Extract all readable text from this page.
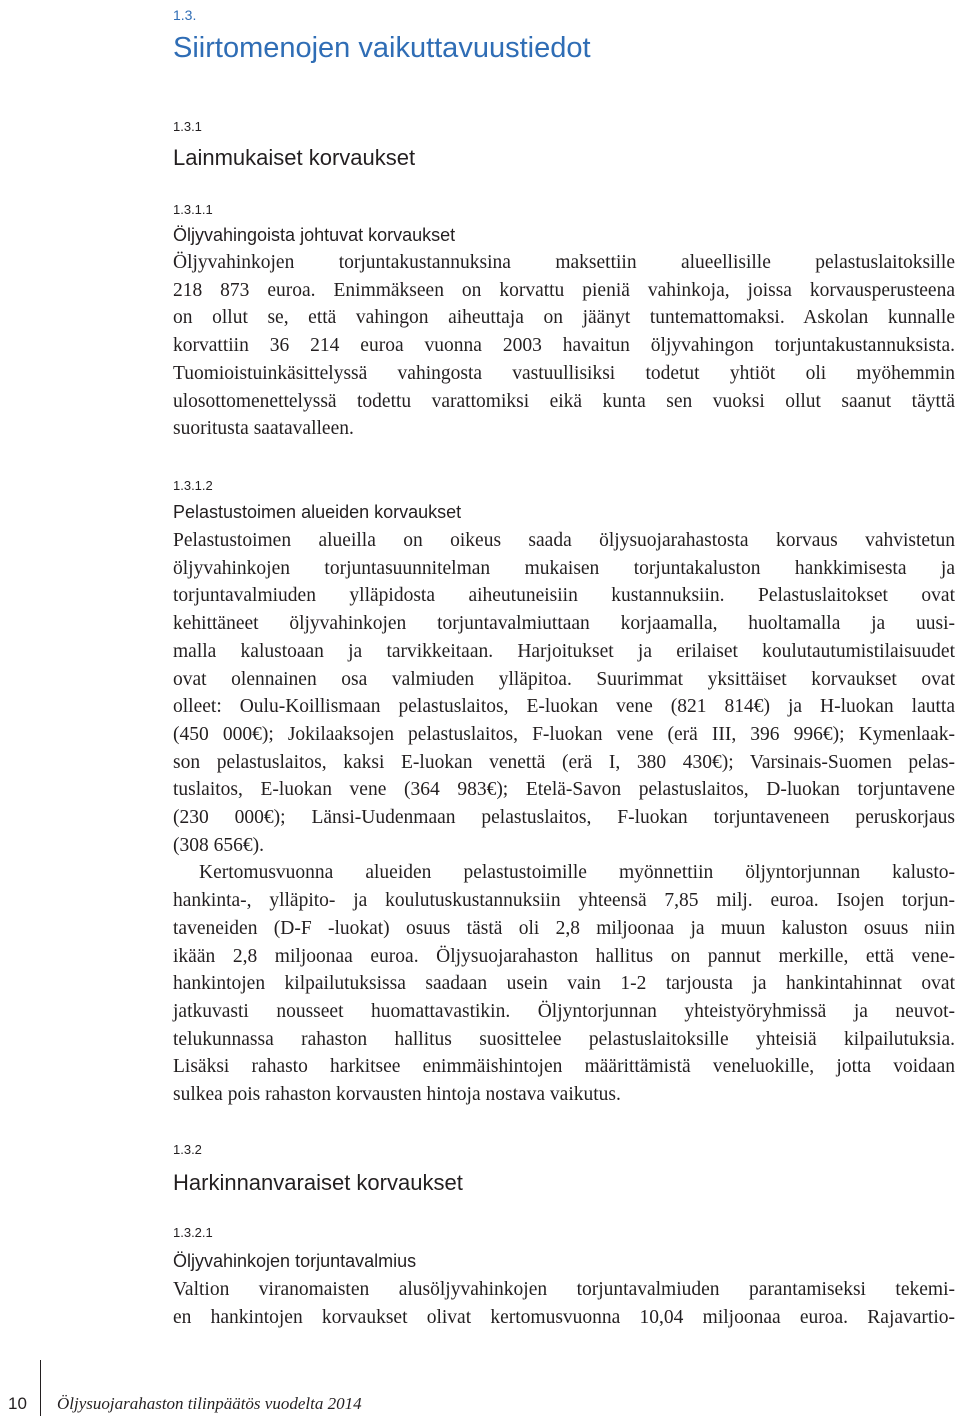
1.3.
Siirtomenojen vaikuttavuustiedot
1.3.1
Lainmukaiset korvaukset
1.3.1.1
Öljyvahingoista johtuvat korvaukset
Öljyvahinkojen torjuntakustannuksina maksettiin alueellisille pelastuslaitoksille
218 873 euroa. Enimmäkseen on korvattu pieniä vahinkoja, joissa korvausperusteena
on ollut se, että vahingon aiheuttaja on jäänyt tuntemattomaksi. Askolan kunnalle
korvattiin 36 214 euroa vuonna 2003 havaitun öljyvahingon torjuntakustannuksista.
Tuomioistuinkäsittelyssä vahingosta vastuullisiksi todetut yhtiöt oli myöhemmin
ulosottomenettelyssä todettu varattomiksi eikä kunta sen vuoksi ollut saanut täyttä
suoritusta saatavalleen.
1.3.1.2
Pelastustoimen alueiden korvaukset
Pelastustoimen alueilla on oikeus saada öljysuojarahastosta korvaus vahvistetun
öljyvahinkojen torjuntasuunnitelman mukaisen torjuntakaluston hankkimisesta ja
torjuntavalmiuden ylläpidosta aiheutuneisiin kustannuksiin. Pelastuslaitokset ovat
kehittäneet öljyvahinkojen torjuntavalmiuttaan korjaamalla, huoltamalla ja uusi-
malla kalustoaan ja tarvikkeitaan. Harjoitukset ja erilaiset koulutautumistilaisuudet
ovat olennainen osa valmiuden ylläpitoa. Suurimmat yksittäiset korvaukset ovat
olleet: Oulu-Koillismaan pelastuslaitos, E-luokan vene (821 814€) ja H-luokan lautta
(450 000€); Jokilaaksojen pelastuslaitos, F-luokan vene (erä III, 396 996€); Kymenlaak-
son pelastuslaitos, kaksi E-luokan venettä (erä I, 380 430€); Varsinais-Suomen pelas-
tuslaitos, E-luokan vene (364 983€); Etelä-Savon pelastuslaitos, D-luokan torjuntavene
(230 000€); Länsi-Uudenmaan pelastuslaitos, F-luokan torjuntaveneen peruskorjaus
(308 656€).
Kertomusvuonna alueiden pelastustoimille myönnettiin öljyntorjunnan kalusto-
hankinta-, ylläpito- ja koulutuskustannuksiin yhteensä 7,85 milj. euroa. Isojen torjun-
taveneiden (D-F -luokat) osuus tästä oli 2,8 miljoonaa ja muun kaluston osuus niin
ikään 2,8 miljoonaa euroa. Öljysuojarahaston hallitus on pannut merkille, että vene-
hankintojen kilpailutuksissa saadaan usein vain 1-2 tarjousta ja hankintahinnat ovat
jatkuvasti nousseet huomattavastikin. Öljyntorjunnan yhteistyöryhmissä ja neuvot-
telukunnassa rahaston hallitus suosittelee pelastuslaitoksille yhteisiä kilpailutuksia.
Lisäksi rahasto harkitsee enimmäishintojen määrittämistä veneluokille, jotta voidaan
sulkea pois rahaston korvausten hintoja nostava vaikutus.
1.3.2
Harkinnanvaraiset korvaukset
1.3.2.1
Öljyvahinkojen torjuntavalmius
Valtion viranomaisten alusöljyvahinkojen torjuntavalmiuden parantamiseksi tekemi-
en hankintojen korvaukset olivat kertomusvuonna 10,04 miljoonaa euroa. Rajavartio-
10 Öljysuojarahaston tilinpäätös vuodelta 2014
